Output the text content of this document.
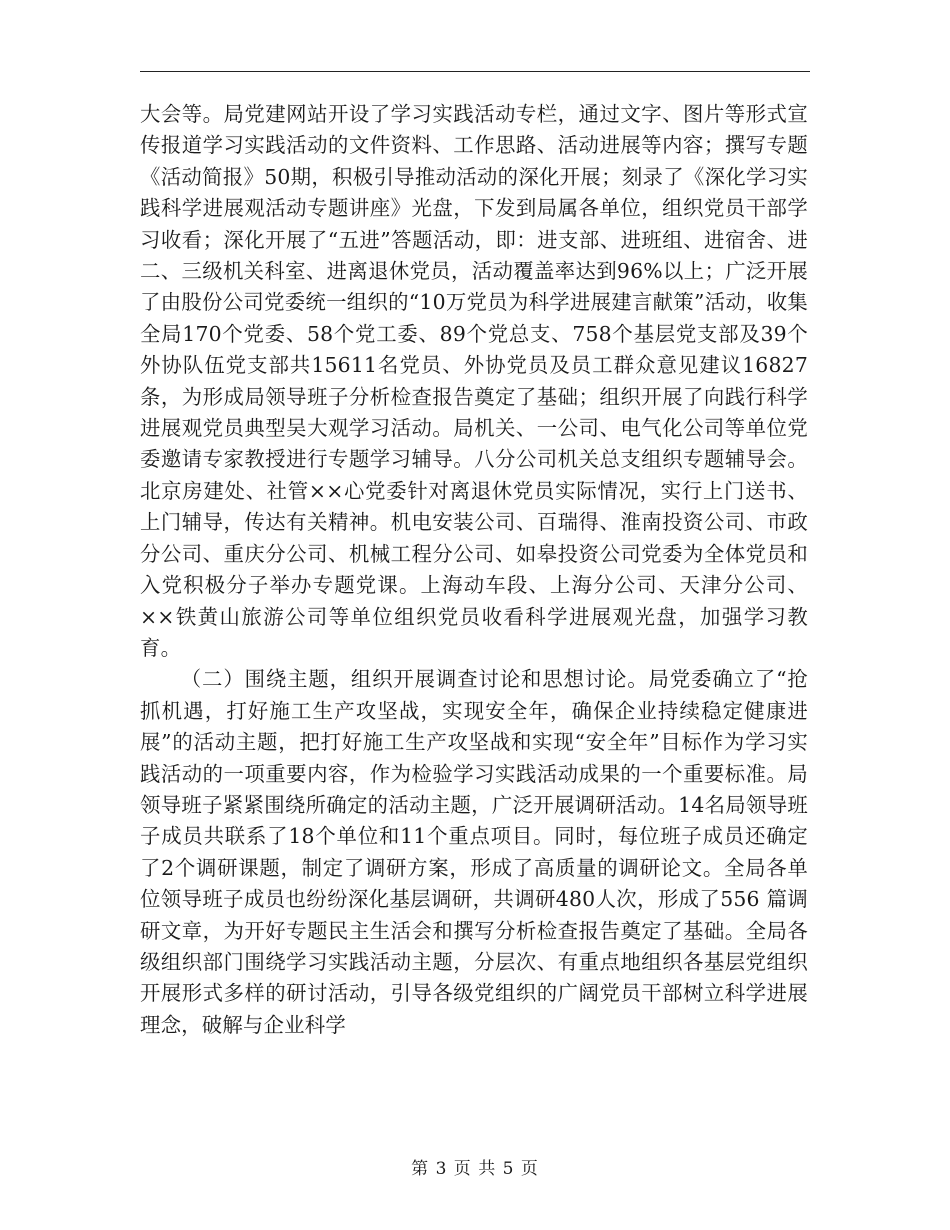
大会等。局党建网站开设了学习实践活动专栏，通过文字、图片等形式宣传报道学习实践活动的文件资料、工作思路、活动进展等内容；撰写专题《活动简报》50期，积极引导推动活动的深化开展；刻录了《深化学习实践科学进展观活动专题讲座》光盘，下发到局属各单位，组织党员干部学习收看；深化开展了“五进”答题活动，即：进支部、进班组、进宿舍、进二、三级机关科室、进离退休党员，活动覆盖率达到96%以上；广泛开展了由股份公司党委统一组织的“10万党员为科学进展建言献策”活动，收集全局170个党委、58个党工委、89个党总支、758个基层党支部及39个外协队伍党支部共15611名党员、外协党员及员工群众意见建议16827条，为形成局领导班子分析检查报告奠定了基础；组织开展了向践行科学进展观党员典型吴大观学习活动。局机关、一公司、电气化公司等单位党委邀请专家教授进行专题学习辅导。八分公司机关总支组织专题辅导会。北京房建处、社管××心党委针对离退休党员实际情况，实行上门送书、上门辅导，传达有关精神。机电安装公司、百瑞得、淮南投资公司、市政分公司、重庆分公司、机械工程分公司、如皋投资公司党委为全体党员和入党积极分子举办专题党课。上海动车段、上海分公司、天津分公司、××铁黄山旅游公司等单位组织党员收看科学进展观光盘，加强学习教育。

（二）围绕主题，组织开展调查讨论和思想讨论。局党委确立了“抢抓机遇，打好施工生产攻坚战，实现安全年，确保企业持续稳定健康进展”的活动主题，把打好施工生产攻坚战和实现“安全年”目标作为学习实践活动的一项重要内容，作为检验学习实践活动成果的一个重要标准。局领导班子紧紧围绕所确定的活动主题，广泛开展调研活动。14名局领导班子成员共联系了18个单位和11个重点项目。同时，每位班子成员还确定了2个调研课题，制定了调研方案，形成了高质量的调研论文。全局各单位领导班子成员也纷纷深化基层调研，共调研480人次，形成了556 篇调研文章，为开好专题民主生活会和撰写分析检查报告奠定了基础。全局各级组织部门围绕学习实践活动主题，分层次、有重点地组织各基层党组织开展形式多样的研讨活动，引导各级党组织的广阔党员干部树立科学进展理念，破解与企业科学

第 3 页 共 5 页
